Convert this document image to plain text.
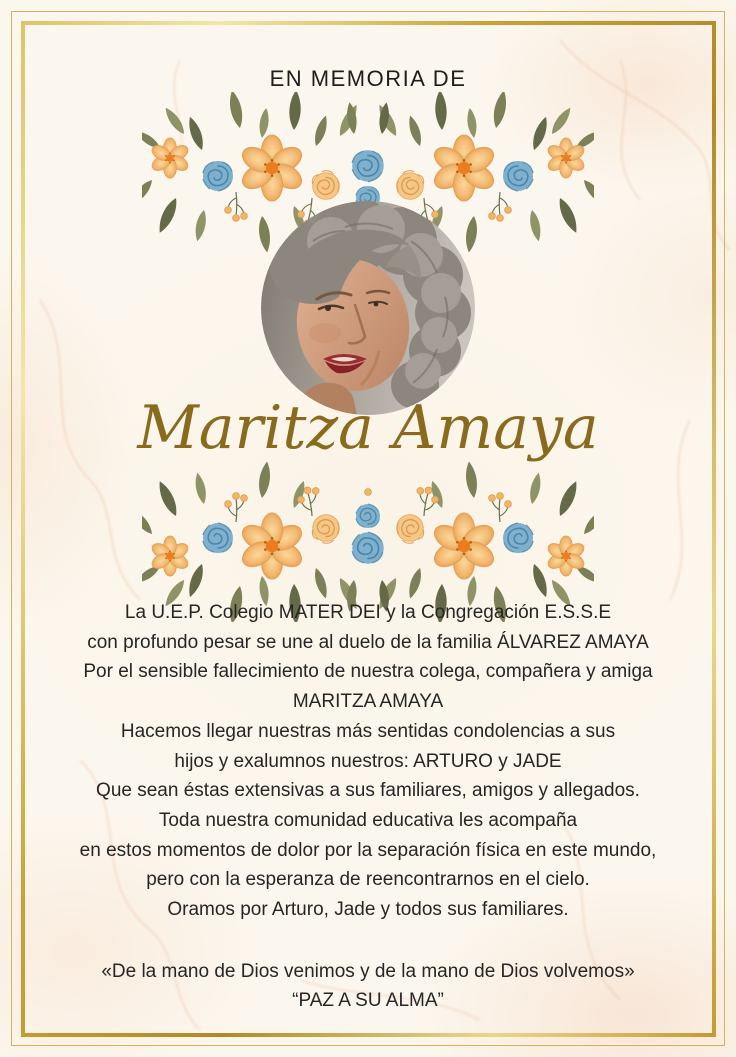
EN MEMORIA DE
Maritza Amaya
La U.E.P. Colegio MATER DEI y la Congregación E.S.S.E
con profundo pesar se une al duelo de la familia ÁLVAREZ AMAYA
Por el sensible fallecimiento de nuestra colega, compañera y amiga
MARITZA AMAYA
Hacemos llegar nuestras más sentidas condolencias a sus
hijos y exalumnos nuestros: ARTURO y JADE
Que sean éstas extensivas a sus familiares, amigos y allegados.
Toda nuestra comunidad educativa les acompaña
en estos momentos de dolor por la separación física en este mundo,
pero con la esperanza de reencontrarnos en el cielo.
Oramos por Arturo, Jade y todos sus familiares.
«De la mano de Dios venimos y de la mano de Dios volvemos»
“PAZ A SU ALMA”
